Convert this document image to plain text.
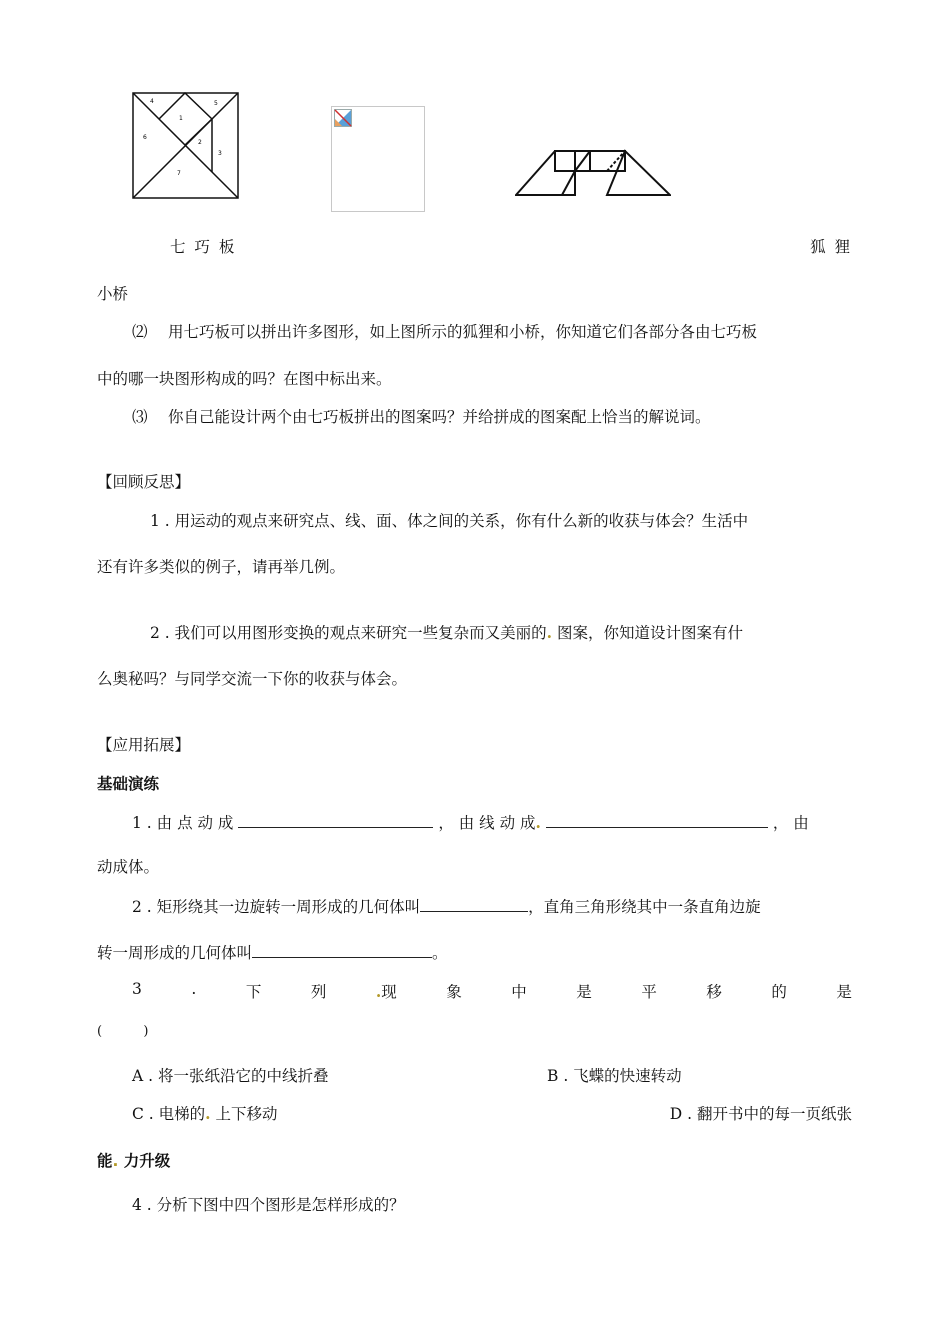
4	5
1
6
2
3
7
七 巧 板	狐 狸
小桥
⑵ 用七巧板可以拼出许多图形，如上图所示的狐狸和小桥，你知道它们各部分各由七巧板
中的哪一块图形构成的吗？在图中标出来。
⑶ 你自己能设计两个由七巧板拼出的图案吗？并给拼成的图案配上恰当的解说词。
【回顾反思】
1 . 用运动的观点来研究点、线、面、体之间的关系，你有什么新的收获与体会？生活中
还有许多类似的例子，请再举几例。
2 . 我们可以用图形变换的观点来研究一些复杂而又美丽的. 图案，你知道设计图案有什
么奥秘吗？与同学交流一下你的收获与体会。
【应用拓展】
基础演练
1 . 由 点 动 成	， 由 线 动 成.	， 由
动成体。
2 . 矩形绕其一边旋转一周形成的几何体叫	，直角三角形绕其中一条直角边旋
转一周形成的几何体叫	。
3	.	下	列	.现	象	中	是	平	移	的	是
(          )
A . 将一张纸沿它的中线折叠	B . 飞蝶的快速转动
C . 电梯的. 上下移动	D . 翻开书中的每一页纸张
能. 力升级
4 . 分析下图中四个图形是怎样形成的？
